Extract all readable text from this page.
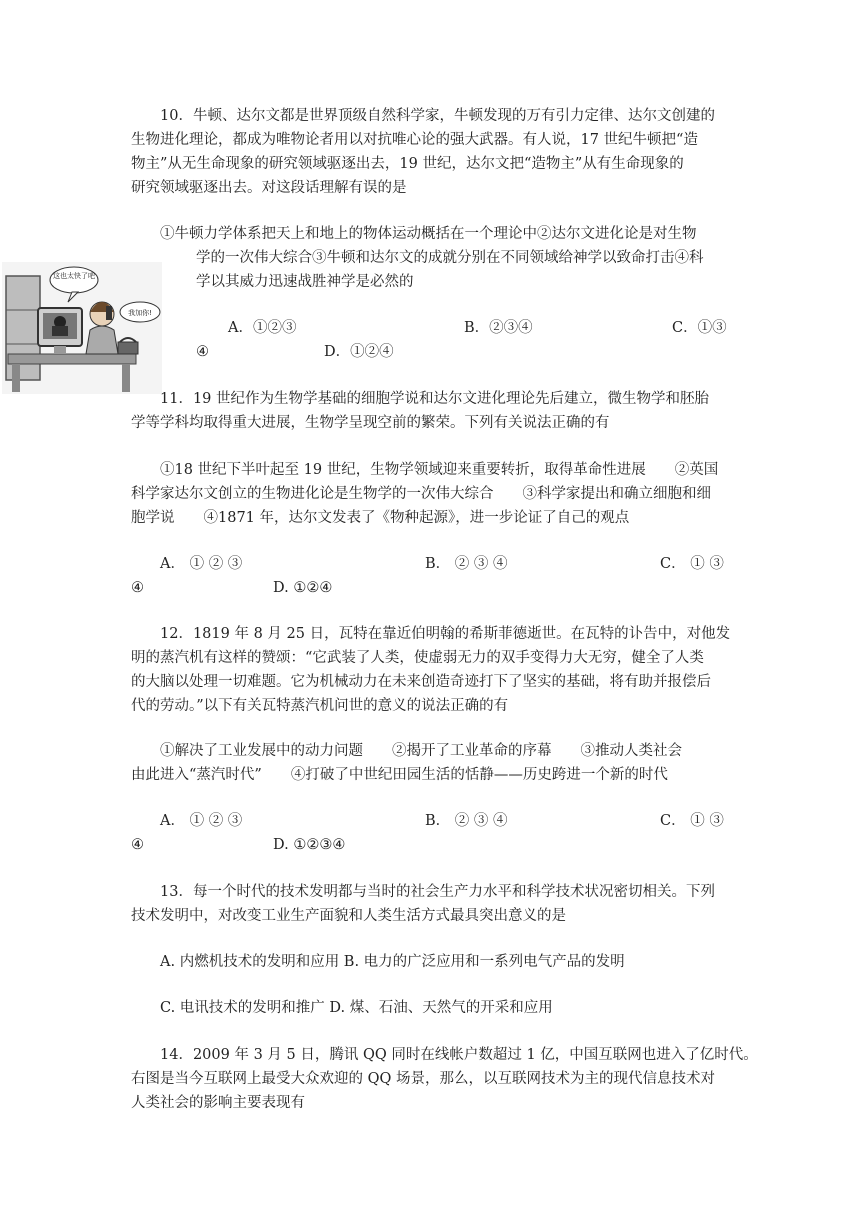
10．牛顿、达尔文都是世界顶级自然科学家，牛顿发现的万有引力定律、达尔文创建的
生物进化理论，都成为唯物论者用以对抗唯心论的强大武器。有人说，17 世纪牛顿把“造
物主”从无生命现象的研究领域驱逐出去，19 世纪，达尔文把“造物主”从有生命现象的
研究领域驱逐出去。对这段话理解有误的是
①牛顿力学体系把天上和地上的物体运动概括在一个理论中②达尔文进化论是对生物
学的一次伟大综合③牛顿和达尔文的成就分别在不同领域给神学以致命打击④科
学以其威力迅速战胜神学是必然的
A．①②③	B．②③④	C．①③
④	D．①②④
这也太快了吧
我加你!
11．19 世纪作为生物学基础的细胞学说和达尔文进化理论先后建立，微生物学和胚胎
学等学科均取得重大进展，生物学呈现空前的繁荣。下列有关说法正确的有
①18 世纪下半叶起至 19 世纪，生物学领域迎来重要转折，取得革命性进展　　②英国
科学家达尔文创立的生物进化论是生物学的一次伟大综合　　③科学家提出和确立细胞和细
胞学说　　④1871 年，达尔文发表了《物种起源》，进一步论证了自己的观点
A． ① ② ③	B． ② ③ ④	C． ① ③
④	D. ①②④
12．1819 年 8 月 25 日，瓦特在靠近伯明翰的希斯菲德逝世。在瓦特的讣告中，对他发
明的蒸汽机有这样的赞颂：“它武装了人类，使虚弱无力的双手变得力大无穷，健全了人类
的大脑以处理一切难题。它为机械动力在未来创造奇迹打下了坚实的基础，将有助并报偿后
代的劳动。”以下有关瓦特蒸汽机问世的意义的说法正确的有
①解决了工业发展中的动力问题　　②揭开了工业革命的序幕　　③推动人类社会
由此进入“蒸汽时代”　　④打破了中世纪田园生活的恬静——历史跨进一个新的时代
A． ① ② ③	B． ② ③ ④	C． ① ③
④	D. ①②③④
13．每一个时代的技术发明都与当时的社会生产力水平和科学技术状况密切相关。下列
技术发明中，对改变工业生产面貌和人类生活方式最具突出意义的是
A. 内燃机技术的发明和应用 B. 电力的广泛应用和一系列电气产品的发明
C. 电讯技术的发明和推广 D. 煤、石油、天然气的开采和应用
14．2009 年 3 月 5 日，腾讯 QQ 同时在线帐户数超过 1 亿，中国互联网也进入了亿时代。
右图是当今互联网上最受大众欢迎的 QQ 场景，那么，以互联网技术为主的现代信息技术对
人类社会的影响主要表现有
